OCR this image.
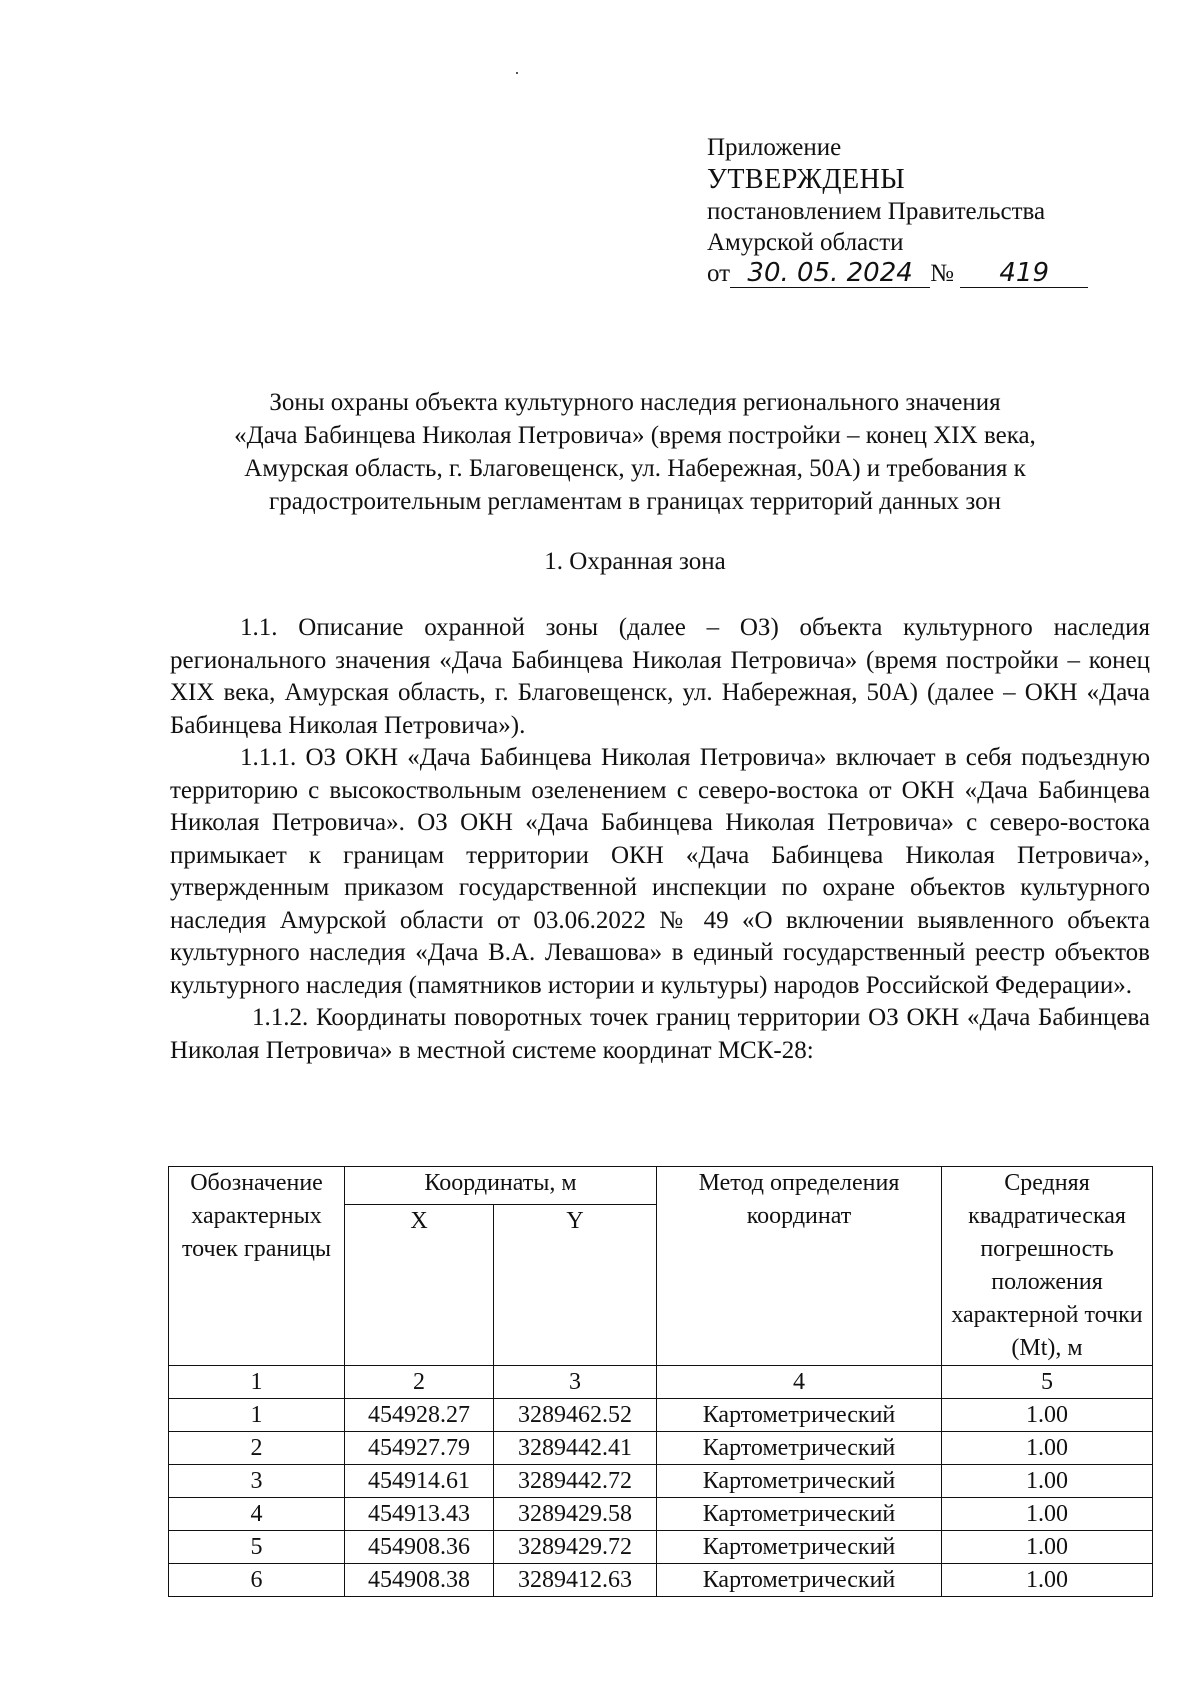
Приложение
УТВЕРЖДЕНЫ
постановлением Правительства
Амурской области
от 30. 05. 2024 № 419
Зоны охраны объекта культурного наследия регионального значения
«Дача Бабинцева Николая Петровича» (время постройки – конец XIX века,
Амурская область, г. Благовещенск, ул. Набережная, 50А) и требования к
градостроительным регламентам в границах территорий данных зон
1. Охранная зона

1.1. Описание охранной зоны (далее – ОЗ) объекта культурного наследия регионального значения «Дача Бабинцева Николая Петровича» (время постройки – конец XIX века, Амурская область, г. Благовещенск, ул. Набережная, 50А) (далее – ОКН «Дача Бабинцева Николая Петровича»).

1.1.1. ОЗ ОКН «Дача Бабинцева Николая Петровича» включает в себя подъездную территорию с высокоствольным озеленением с северо-востока от ОКН «Дача Бабинцева Николая Петровича». ОЗ ОКН «Дача Бабинцева Николая Петровича» с северо-востока примыкает к границам территории ОКН «Дача Бабинцева Николая Петровича», утвержденным приказом государственной инспекции по охране объектов культурного наследия Амурской области от 03.06.2022 № 49 «О включении выявленного объекта культурного наследия «Дача В.А. Левашова» в единый государственный реестр объектов культурного наследия (памятников истории и культуры) народов Российской Федерации».

1.1.2. Координаты поворотных точек границ территории ОЗ ОКН «Дача Бабинцева Николая Петровича» в местной системе координат МСК-28:

Обозначение характерных точек границы	Координаты, м		Метод определения координат	Средняя квадратическая погрешность положения характерной точки (Mt), м
	X	Y		
1	2	3	4	5
1	454928.27	3289462.52	Картометрический	1.00
2	454927.79	3289442.41	Картометрический	1.00
3	454914.61	3289442.72	Картометрический	1.00
4	454913.43	3289429.58	Картометрический	1.00
5	454908.36	3289429.72	Картометрический	1.00
6	454908.38	3289412.63	Картометрический	1.00
